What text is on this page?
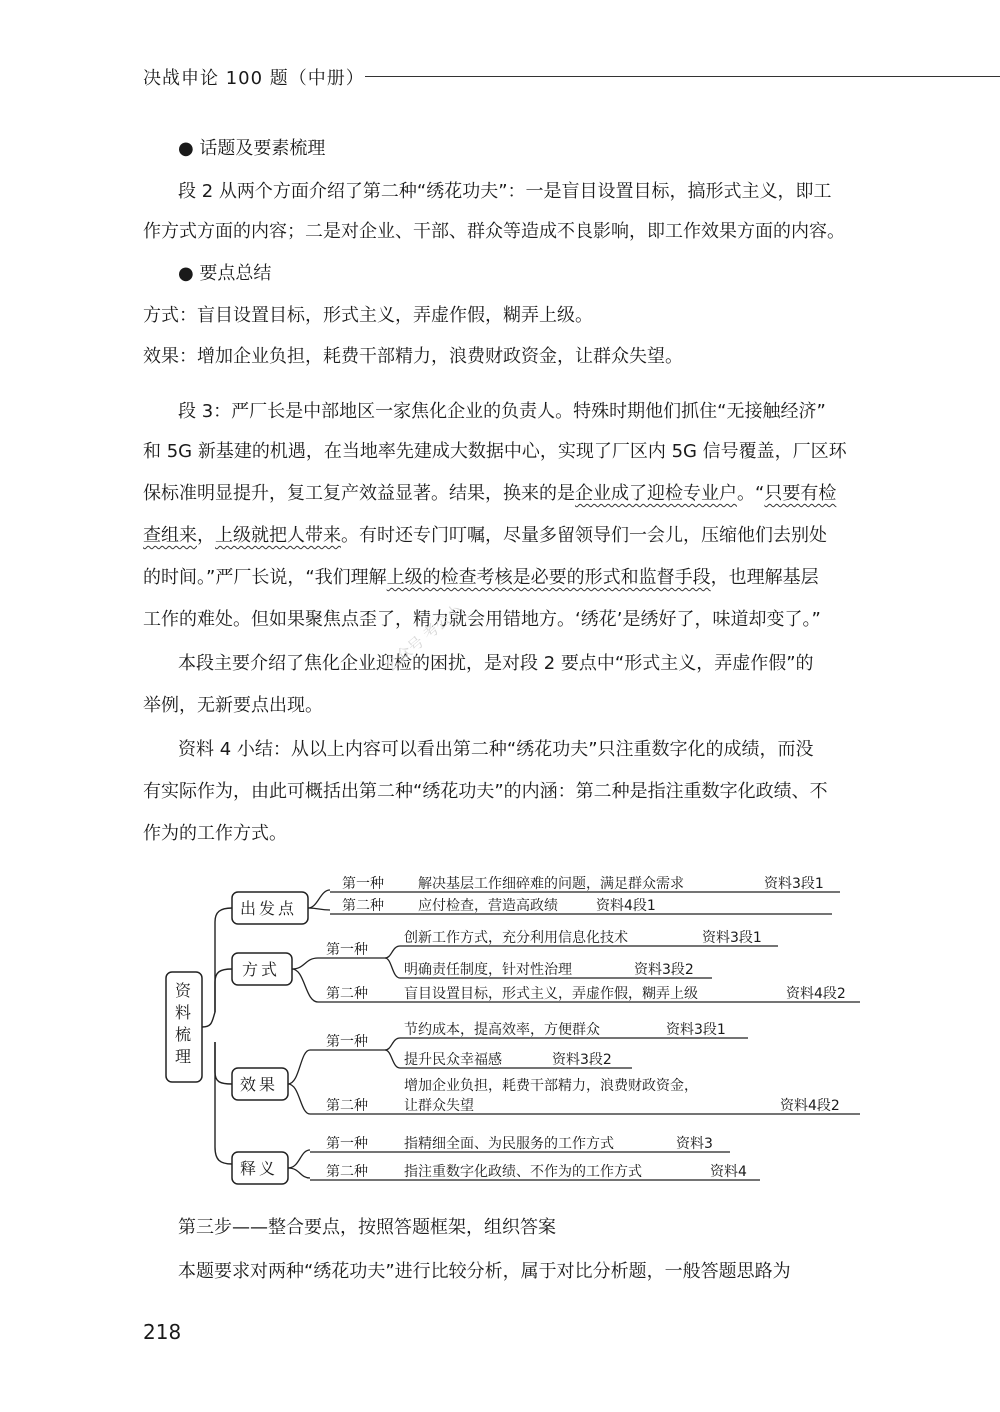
决战申论 100 题（中册）
● 话题及要素梳理
段 2 从两个方面介绍了第二种“绣花功夫”：一是盲目设置目标，搞形式主义，即工
作方式方面的内容；二是对企业、干部、群众等造成不良影响，即工作效果方面的内容。
● 要点总结
方式：盲目设置目标，形式主义，弄虚作假，糊弄上级。
效果：增加企业负担，耗费干部精力，浪费财政资金，让群众失望。
段 3：严厂长是中部地区一家焦化企业的负责人。特殊时期他们抓住“无接触经济”
和 5G 新基建的机遇，在当地率先建成大数据中心，实现了厂区内 5G 信号覆盖，厂区环
保标准明显提升，复工复产效益显著。结果，换来的是企业成了迎检专业户。“只要有检
查组来，上级就把人带来。有时还专门叮嘱，尽量多留领导们一会儿，压缩他们去别处
的时间。”严厂长说，“我们理解上级的检查考核是必要的形式和监督手段，也理解基层
工作的难处。但如果聚焦点歪了，精力就会用错地方。‘绣花’是绣好了，味道却变了。”
本段主要介绍了焦化企业迎检的困扰，是对段 2 要点中“形式主义，弄虚作假”的
举例，无新要点出现。
资料 4 小结：从以上内容可以看出第二种“绣花功夫”只注重数字化的成绩，而没
有实际作为，由此可概括出第二种“绣花功夫”的内涵：第二种是指注重数字化政绩、不
作为的工作方式。
公众号 考公小
资
料
梳
理
出发点
方式
效果
释义
第一种 解决基层工作细碎难的问题，满足群众需求	资料3段1
第二种 应付检查，营造高政绩	资料4段1
第一种
创新工作方式，充分利用信息化技术	资料3段1
明确责任制度，针对性治理	资料3段2
第二种	盲目设置目标，形式主义，弄虚作假，糊弄上级	资料4段2
第一种
节约成本，提高效率，方便群众	资料3段1
提升民众幸福感	资料3段2
第二种
增加企业负担，耗费干部精力，浪费财政资金，
让群众失望	资料4段2
第一种	指精细全面、为民服务的工作方式	资料3
第二种	指注重数字化政绩、不作为的工作方式	资料4
第三步——整合要点，按照答题框架，组织答案
本题要求对两种“绣花功夫”进行比较分析，属于对比分析题，一般答题思路为
218
